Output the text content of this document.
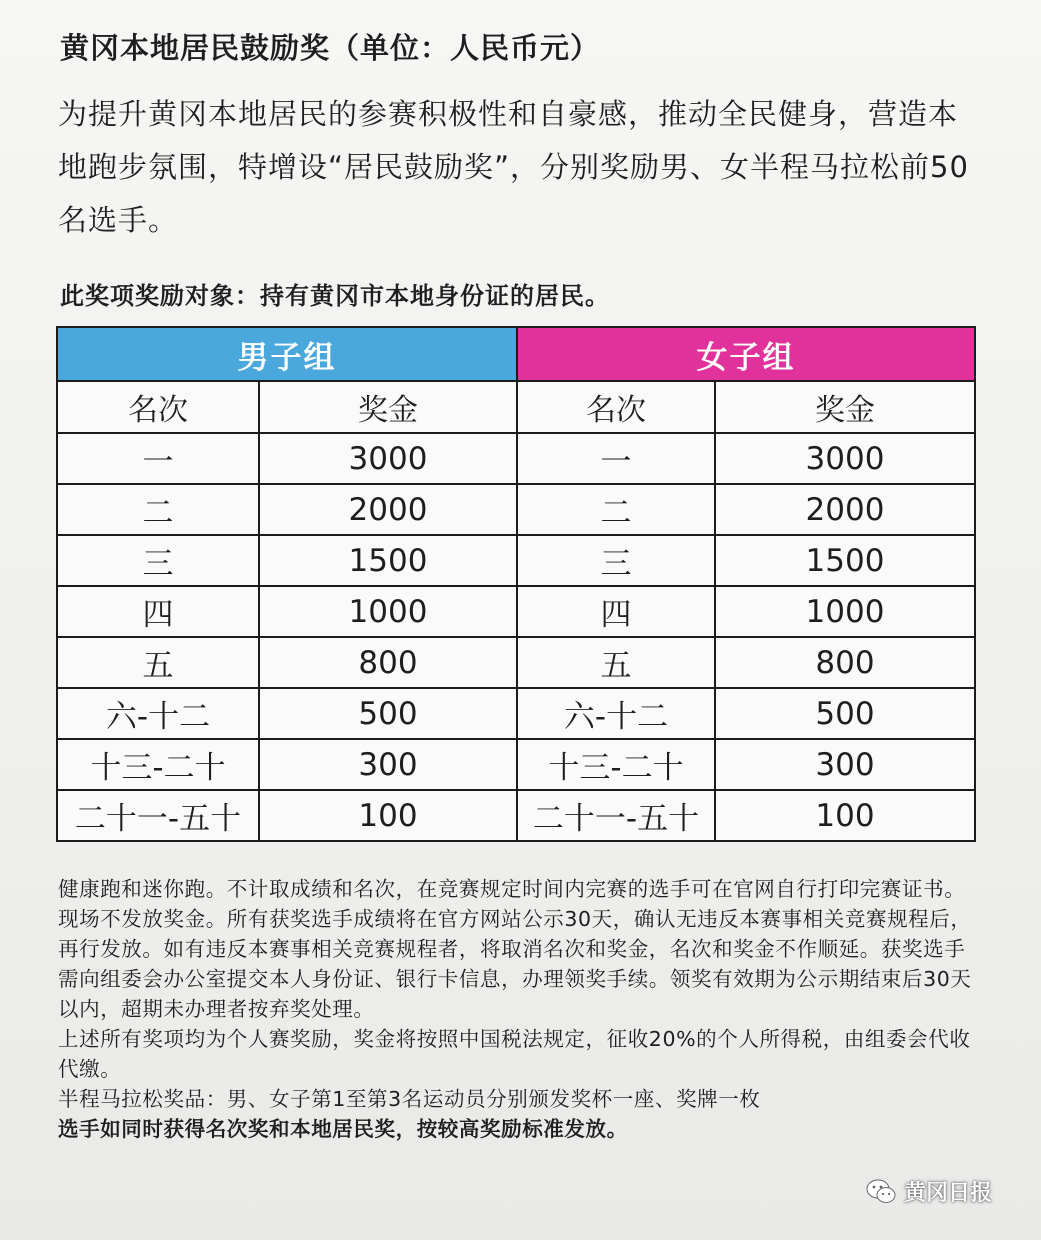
黄冈本地居民鼓励奖（单位：人民币元）
为提升黄冈本地居民的参赛积极性和自豪感，推动全民健身，营造本地跑步氛围，特增设“居民鼓励奖”，分别奖励男、女半程马拉松前50名选手。
此奖项奖励对象：持有黄冈市本地身份证的居民。
男子组		女子组	
名次	奖金	名次	奖金
一	3000	一	3000
二	2000	二	2000
三	1500	三	1500
四	1000	四	1000
五	800	五	800
六-十二	500	六-十二	500
十三-二十	300	十三-二十	300
二十一-五十	100	二十一-五十	100

健康跑和迷你跑。不计取成绩和名次，在竞赛规定时间内完赛的选手可在官网自行打印完赛证书。

现场不发放奖金。所有获奖选手成绩将在官方网站公示30天，确认无违反本赛事相关竞赛规程后，再行发放。如有违反本赛事相关竞赛规程者，将取消名次和奖金，名次和奖金不作顺延。获奖选手需向组委会办公室提交本人身份证、银行卡信息，办理领奖手续。领奖有效期为公示期结束后30天以内，超期未办理者按弃奖处理。

上述所有奖项均为个人赛奖励，奖金将按照中国税法规定，征收20%的个人所得税，由组委会代收代缴。

半程马拉松奖品：男、女子第1至第3名运动员分别颁发奖杯一座、奖牌一枚

选手如同时获得名次奖和本地居民奖，按较高奖励标准发放。

黄冈日报
